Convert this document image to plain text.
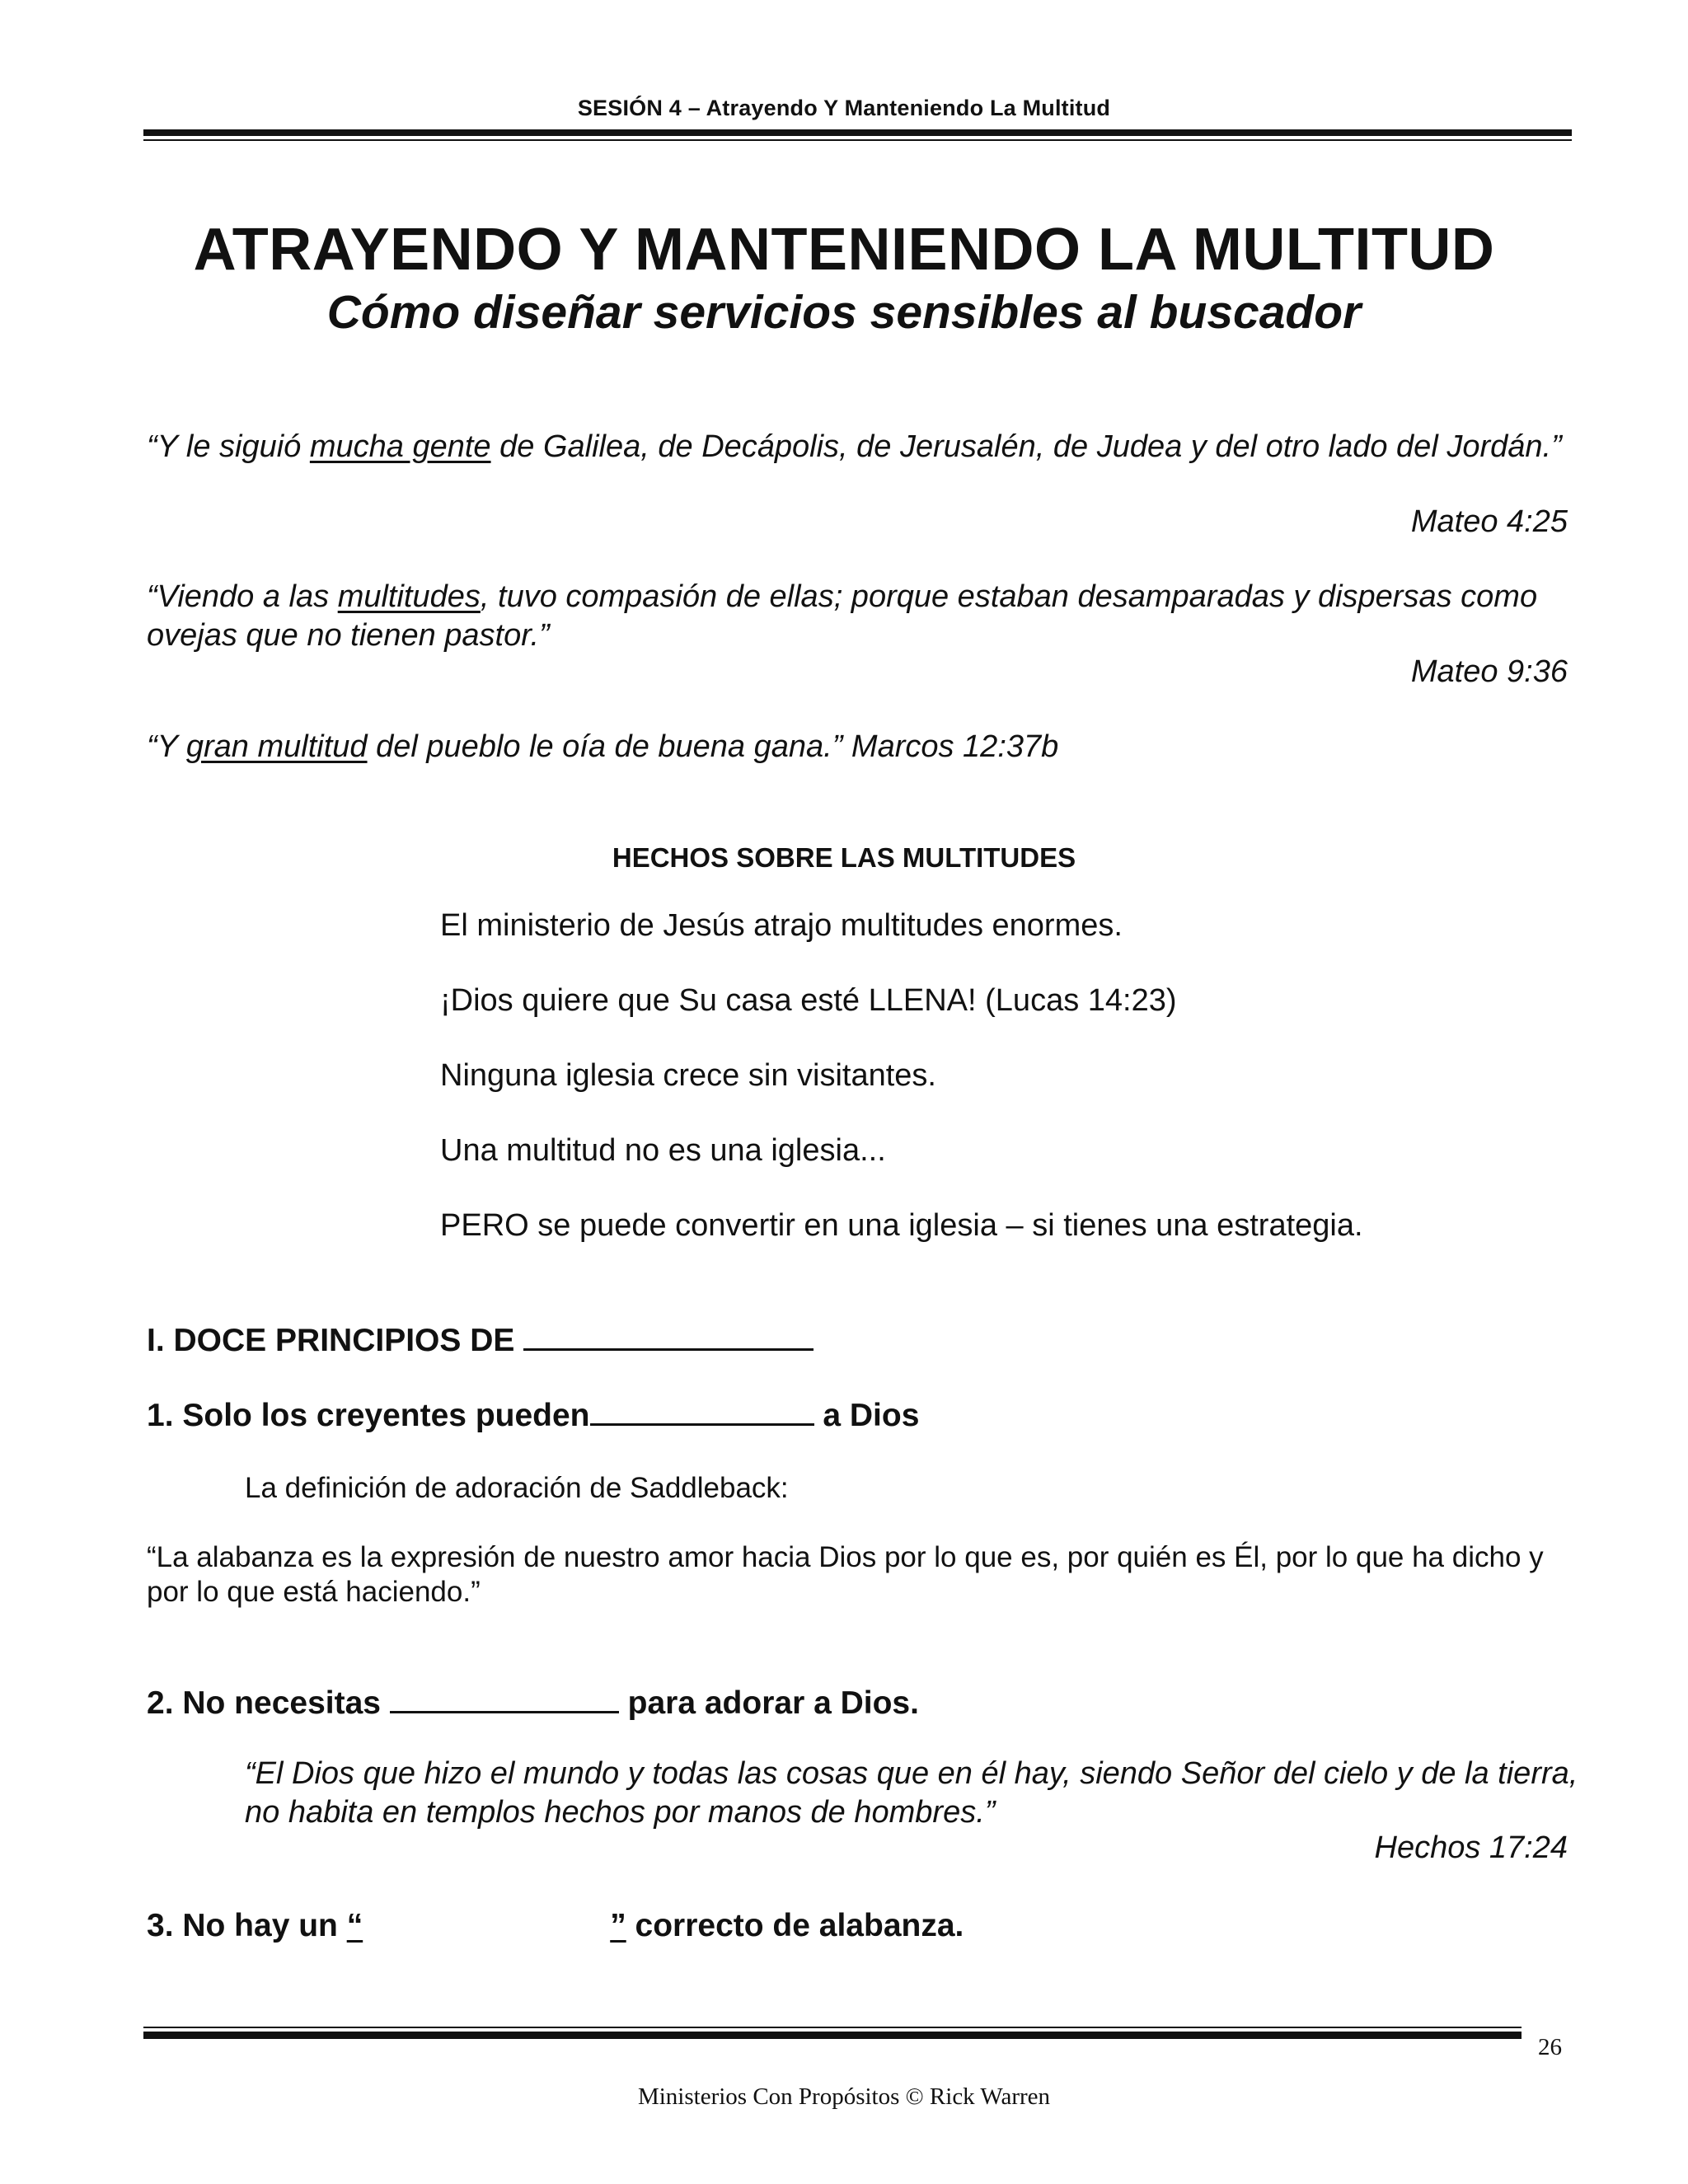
SESIÓN 4 – Atrayendo Y Manteniendo La Multitud
ATRAYENDO Y MANTENIENDO LA MULTITUD
Cómo diseñar servicios sensibles al buscador
“Y le siguió mucha gente de Galilea, de Decápolis, de Jerusalén, de Judea y del otro lado del Jordán.”
Mateo 4:25
“Viendo a las multitudes, tuvo compasión de ellas; porque estaban desamparadas y dispersas como ovejas que no tienen pastor.”
Mateo 9:36
“Y gran multitud del pueblo le oía de buena gana.” Marcos 12:37b
HECHOS SOBRE LAS MULTITUDES
El ministerio de Jesús atrajo multitudes enormes.
¡Dios quiere que Su casa esté LLENA! (Lucas 14:23)
Ninguna iglesia crece sin visitantes.
Una multitud no es una iglesia...
PERO se puede convertir en una iglesia – si tienes una estrategia.
I. DOCE PRINCIPIOS DE
1. Solo los creyentes pueden	a Dios
La definición de adoración de Saddleback:
“La alabanza es la expresión de nuestro amor hacia Dios por lo que es, por quién es Él, por lo que ha dicho y por lo que está haciendo.”
2. No necesitas	para adorar a Dios.
“El Dios que hizo el mundo y todas las cosas que en él hay, siendo Señor del cielo y de la tierra, no habita en templos hechos por manos de hombres.”
Hechos 17:24
3. No hay un “	” correcto de alabanza.
26
Ministerios Con Propósitos © Rick Warren
